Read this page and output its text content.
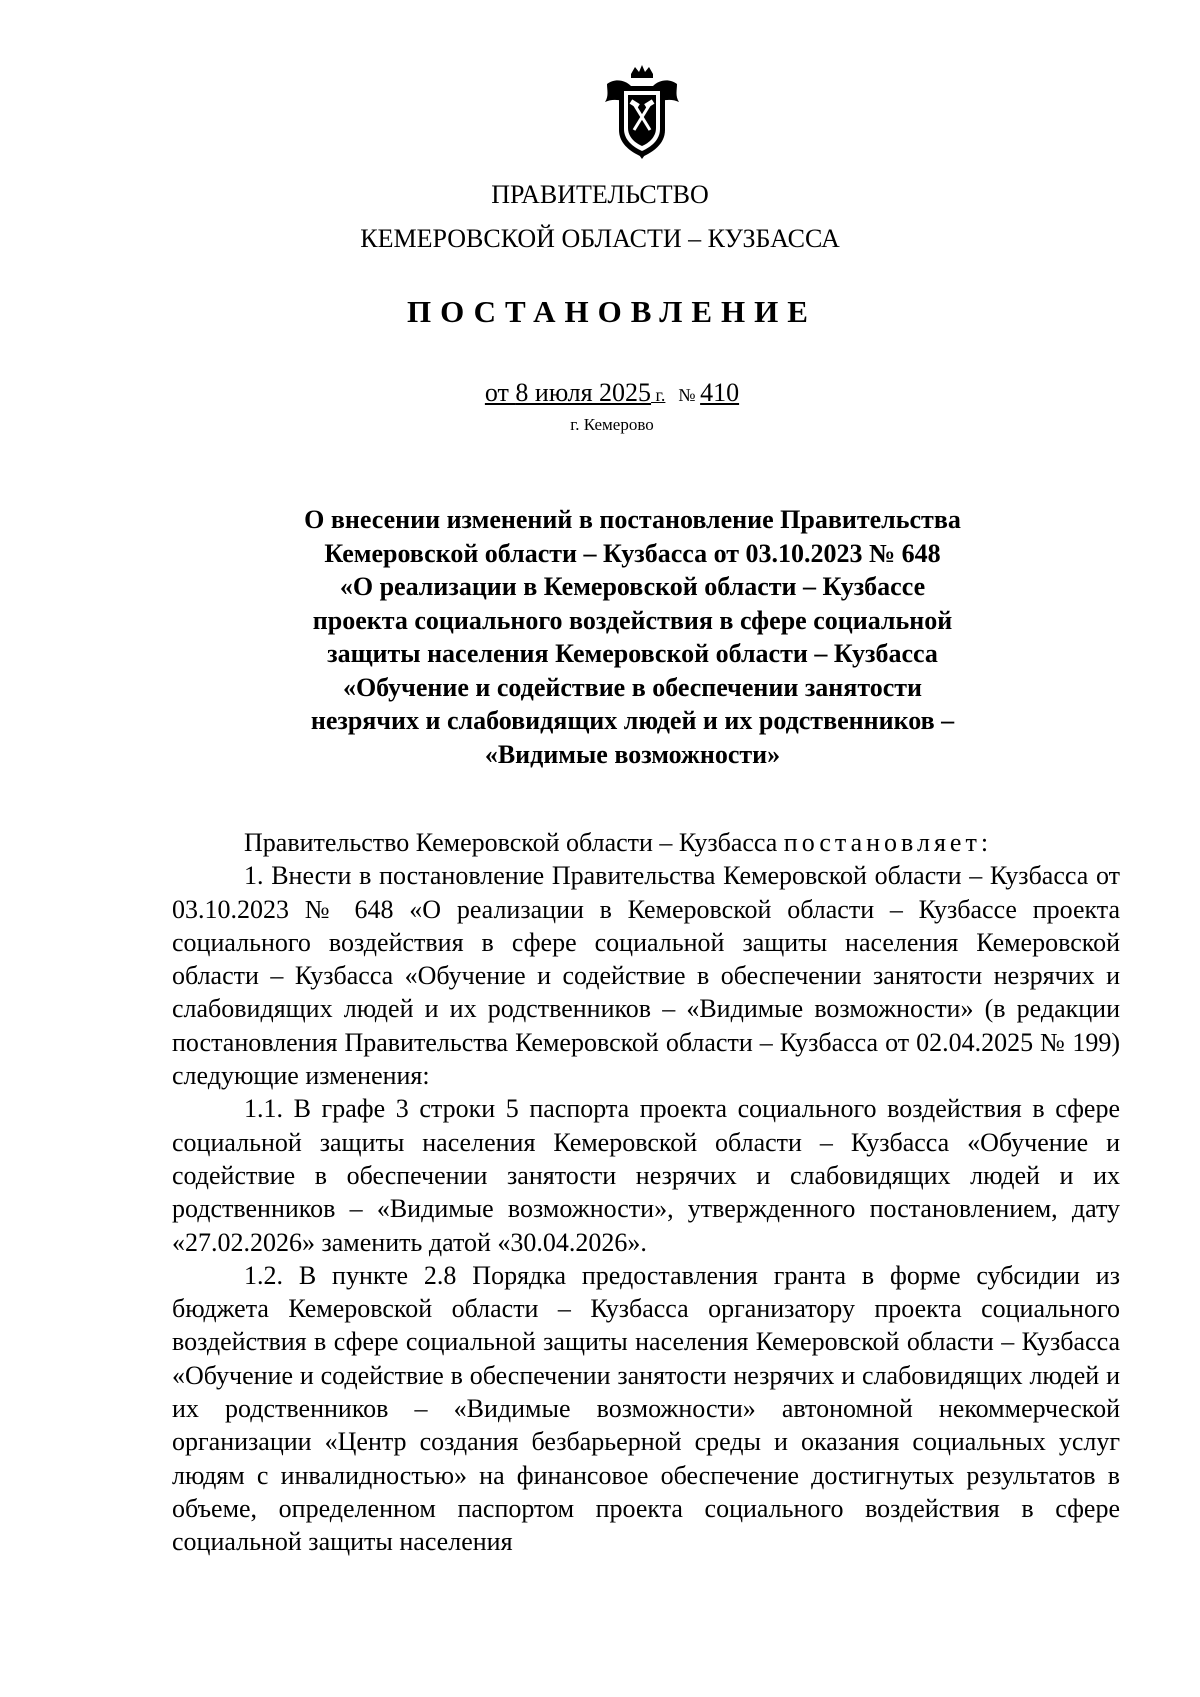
ПРАВИТЕЛЬСТВО
КЕМЕРОВСКОЙ ОБЛАСТИ – КУЗБАССА
ПОСТАНОВЛЕНИЕ
от 8 июля 2025 г. № 410
г. Кемерово
О внесении изменений в постановление Правительства
Кемеровской области – Кузбасса от 03.10.2023 № 648
«О реализации в Кемеровской области – Кузбассе
проекта социального воздействия в сфере социальной
защиты населения Кемеровской области – Кузбасса
«Обучение и содействие в обеспечении занятости
незрячих и слабовидящих людей и их родственников –
«Видимые возможности»

Правительство Кемеровской области – Кузбасса постановляет:

1. Внести в постановление Правительства Кемеровской области – Кузбасса от 03.10.2023 № 648 «О реализации в Кемеровской области – Кузбассе проекта социального воздействия в сфере социальной защиты населения Кемеровской области – Кузбасса «Обучение и содействие в обеспечении занятости незрячих и слабовидящих людей и их родственников – «Видимые возможности» (в редакции постановления Правительства Кемеровской области – Кузбасса от 02.04.2025 № 199) следующие изменения:

1.1. В графе 3 строки 5 паспорта проекта социального воздействия в сфере социальной защиты населения Кемеровской области – Кузбасса «Обучение и содействие в обеспечении занятости незрячих и слабовидящих людей и их родственников – «Видимые возможности», утвержденного постановлением, дату «27.02.2026» заменить датой «30.04.2026».

1.2. В пункте 2.8 Порядка предоставления гранта в форме субсидии из бюджета Кемеровской области – Кузбасса организатору проекта социального воздействия в сфере социальной защиты населения Кемеровской области – Кузбасса «Обучение и содействие в обеспечении занятости незрячих и слабовидящих людей и их родственников – «Видимые возможности» автономной некоммерческой организации «Центр создания безбарьерной среды и оказания социальных услуг людям с инвалидностью» на финансовое обеспечение достигнутых результатов в объеме, определенном паспортом проекта социального воздействия в сфере социальной защиты населения
